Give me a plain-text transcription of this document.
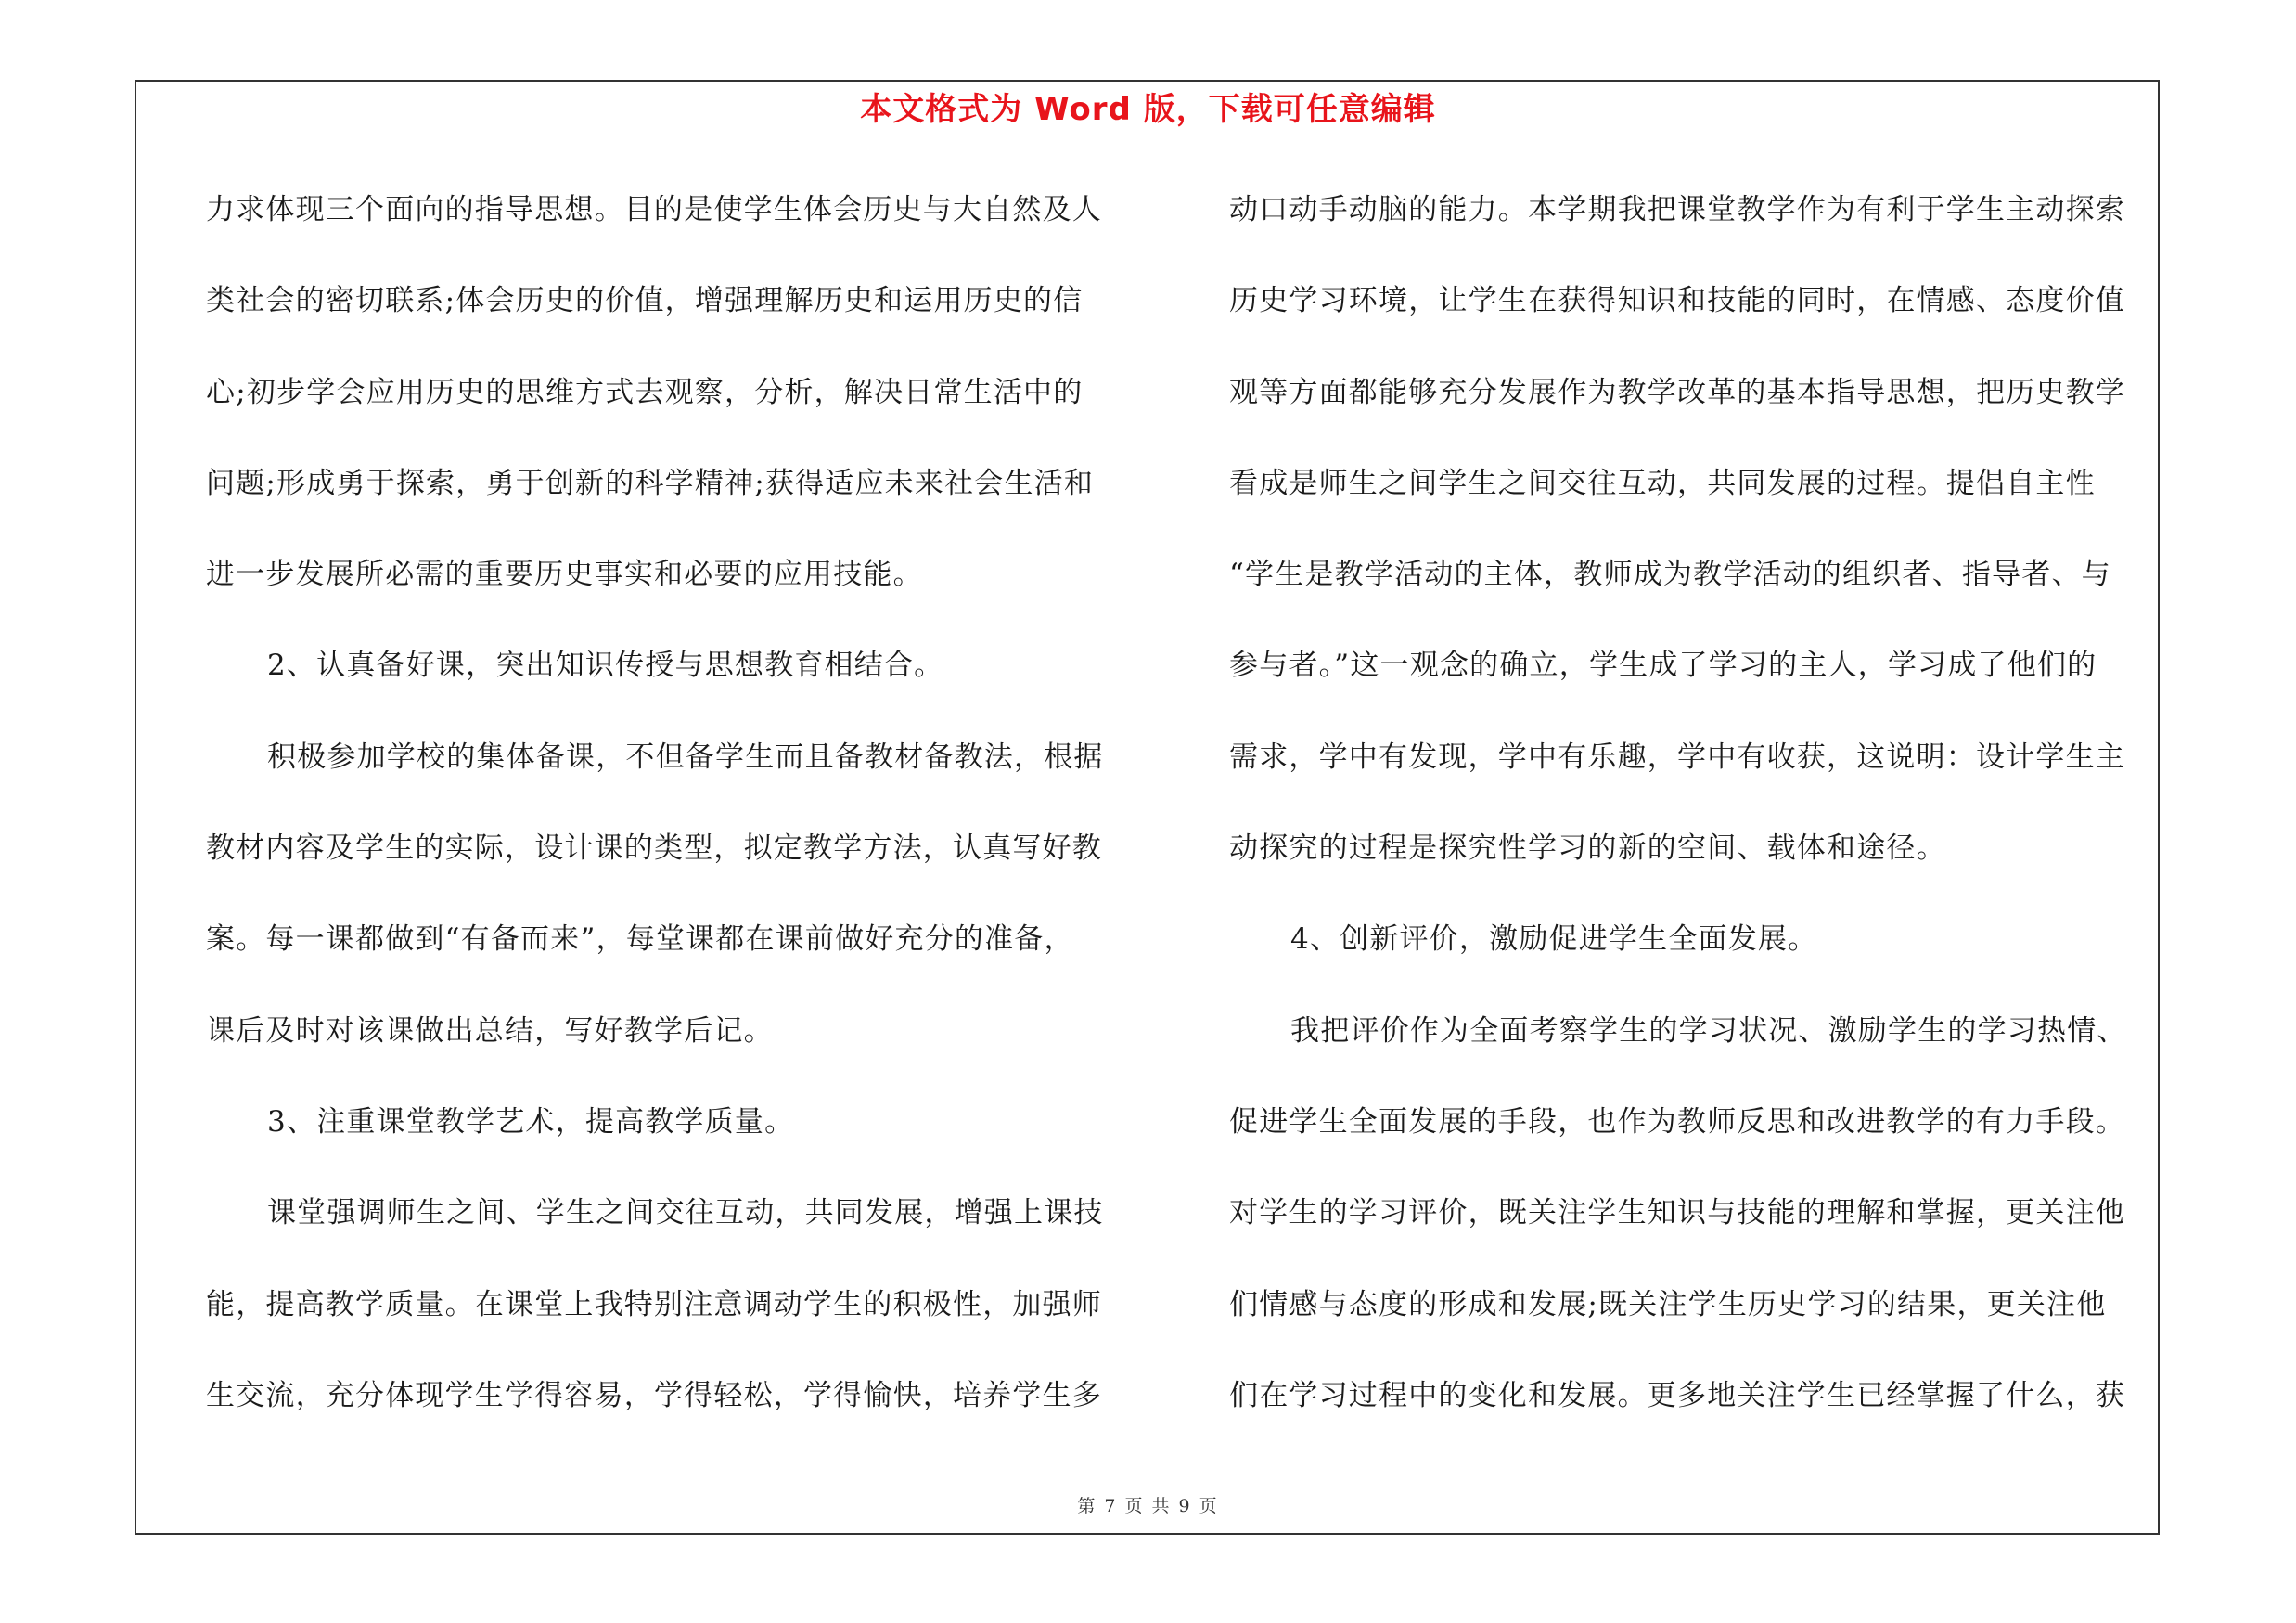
本文格式为 Word 版，下载可任意编辑
力求体现三个面向的指导思想。目的是使学生体会历史与大自然及人
类社会的密切联系;体会历史的价值，增强理解历史和运用历史的信
心;初步学会应用历史的思维方式去观察，分析，解决日常生活中的
问题;形成勇于探索，勇于创新的科学精神;获得适应未来社会生活和
进一步发展所必需的重要历史事实和必要的应用技能。
2、认真备好课，突出知识传授与思想教育相结合。
积极参加学校的集体备课，不但备学生而且备教材备教法，根据
教材内容及学生的实际，设计课的类型，拟定教学方法，认真写好教
案。每一课都做到“有备而来”，每堂课都在课前做好充分的准备，
课后及时对该课做出总结，写好教学后记。
3、注重课堂教学艺术，提高教学质量。
课堂强调师生之间、学生之间交往互动，共同发展，增强上课技
能，提高教学质量。在课堂上我特别注意调动学生的积极性，加强师
生交流，充分体现学生学得容易，学得轻松，学得愉快，培养学生多
动口动手动脑的能力。本学期我把课堂教学作为有利于学生主动探索
历史学习环境，让学生在获得知识和技能的同时，在情感、态度价值
观等方面都能够充分发展作为教学改革的基本指导思想，把历史教学
看成是师生之间学生之间交往互动，共同发展的过程。提倡自主性
“学生是教学活动的主体，教师成为教学活动的组织者、指导者、与
参与者。”这一观念的确立，学生成了学习的主人，学习成了他们的
需求，学中有发现，学中有乐趣，学中有收获，这说明：设计学生主
动探究的过程是探究性学习的新的空间、载体和途径。
4、创新评价，激励促进学生全面发展。
我把评价作为全面考察学生的学习状况、激励学生的学习热情、
促进学生全面发展的手段，也作为教师反思和改进教学的有力手段。
对学生的学习评价，既关注学生知识与技能的理解和掌握，更关注他
们情感与态度的形成和发展;既关注学生历史学习的结果，更关注他
们在学习过程中的变化和发展。更多地关注学生已经掌握了什么，获
第 7 页 共 9 页
